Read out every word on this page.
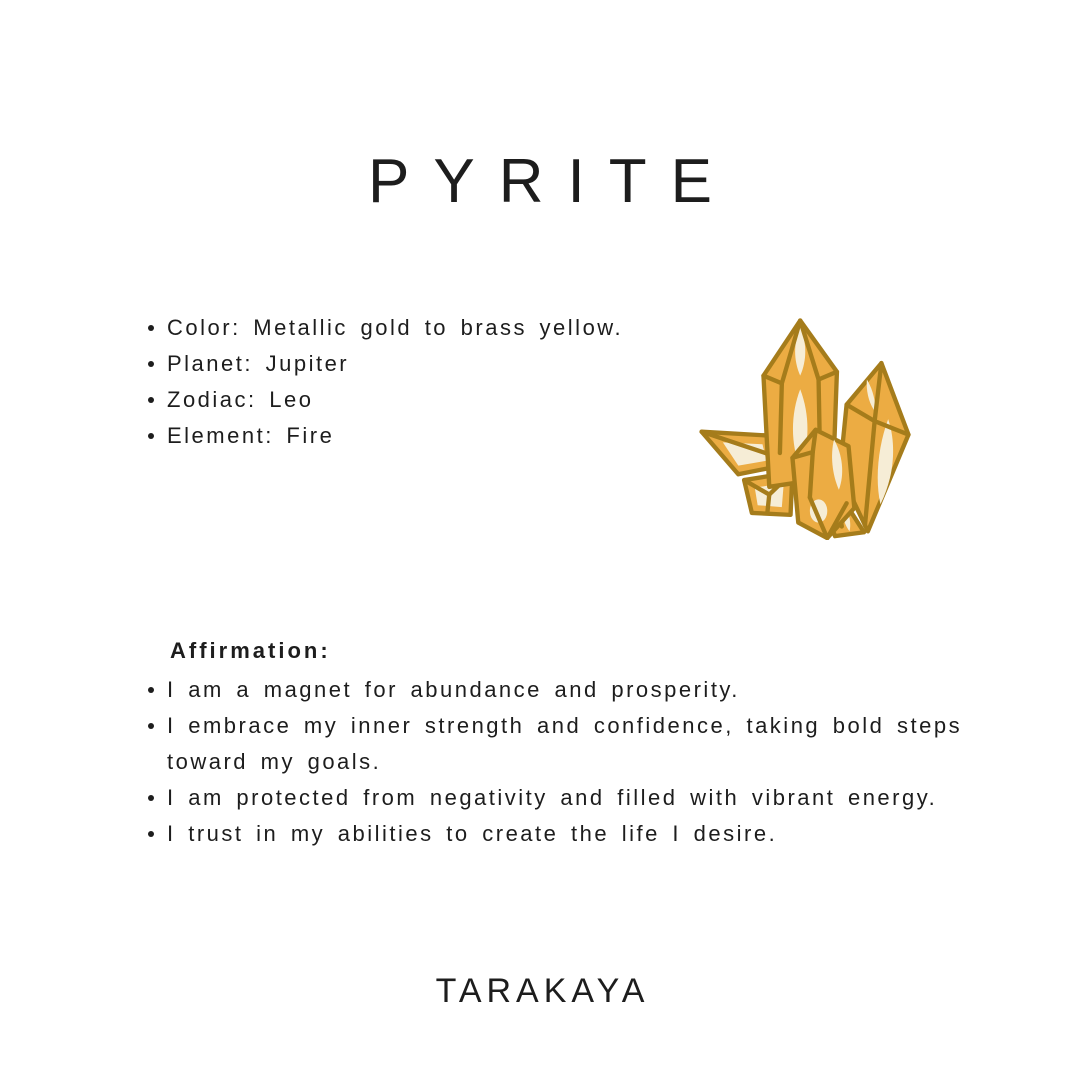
PYRITE
Color: Metallic gold to brass yellow.
Planet: Jupiter
Zodiac: Leo
Element: Fire
Affirmation:
I am a magnet for abundance and prosperity.
I embrace my inner strength and confidence, taking bold steps toward my goals.
I am protected from negativity and filled with vibrant energy.
I trust in my abilities to create the life I desire.
TARAKAYA
